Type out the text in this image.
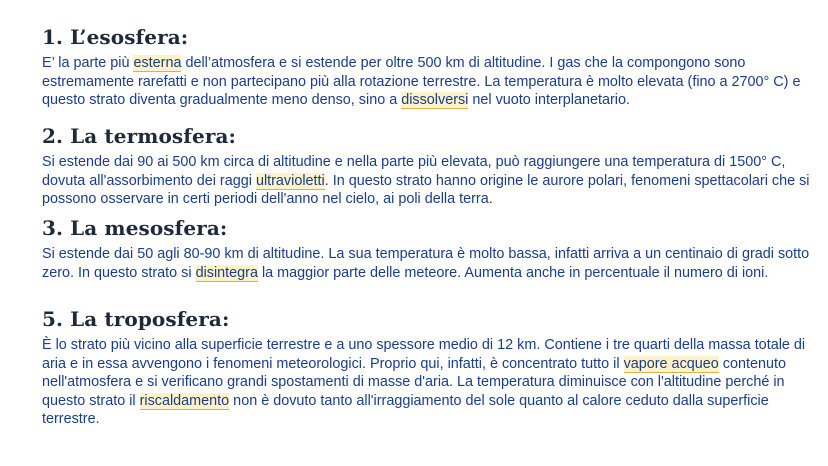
1. L’esosfera:

E’ la parte più esterna dell’atmosfera e si estende per oltre 500 km di altitudine. I gas che la compongono sono estremamente rarefatti e non partecipano più alla rotazione terrestre. La temperatura è molto elevata (fino a 2700° C) e questo strato diventa gradualmente meno denso, sino a dissolversi nel vuoto interplanetario.

2. La termosfera:

Si estende dai 90 ai 500 km circa di altitudine e nella parte più elevata, può raggiungere una temperatura di 1500° C, dovuta all'assorbimento dei raggi ultravioletti. In questo strato hanno origine le aurore polari, fenomeni spettacolari che si possono osservare in certi periodi dell'anno nel cielo, ai poli della terra.

3. La mesosfera:

Si estende dai 50 agli 80-90 km di altitudine. La sua temperatura è molto bassa, infatti arriva a un centinaio di gradi sotto zero. In questo strato si disintegra la maggior parte delle meteore. Aumenta anche in percentuale il numero di ioni.

5. La troposfera:

È lo strato più vicino alla superficie terrestre e a uno spessore medio di 12 km. Contiene i tre quarti della massa totale di aria e in essa avvengono i fenomeni meteorologici. Proprio qui, infatti, è concentrato tutto il vapore acqueo contenuto nell'atmosfera e si verificano grandi spostamenti di masse d'aria. La temperatura diminuisce con l'altitudine perché in questo strato il riscaldamento non è dovuto tanto all'irraggiamento del sole quanto al calore ceduto dalla superficie terrestre.
